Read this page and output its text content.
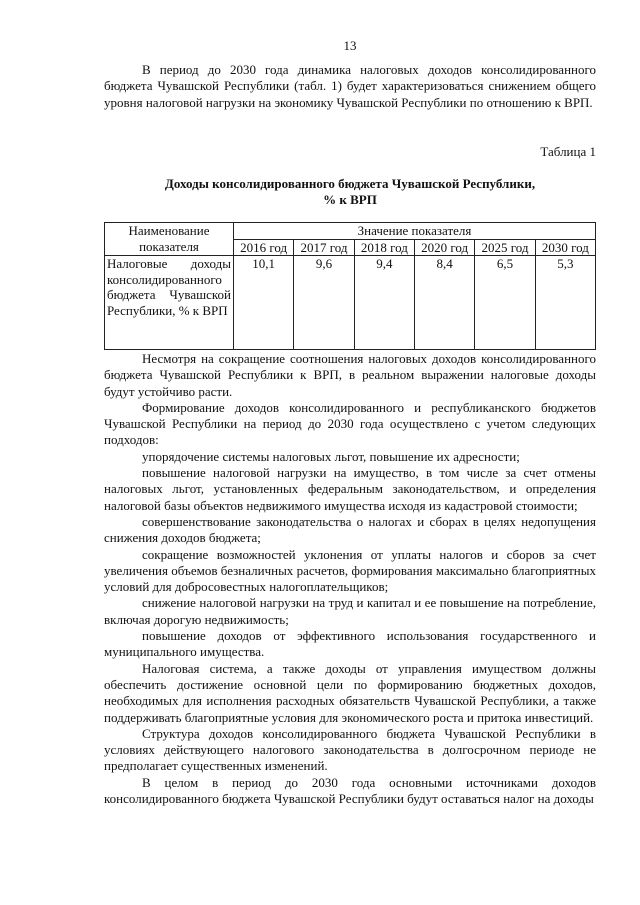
13

В период до 2030 года динамика налоговых доходов консолидированного бюджета Чувашской Республики (табл. 1) будет характеризоваться снижением общего уровня налоговой нагрузки на экономику Чувашской Республики по отношению к ВРП.

Таблица 1
Доходы консолидированного бюджета Чувашской Республики,
% к ВРП
Наименование показателя	Значение показателя					
	2016 год	2017 год	2018 год	2020 год	2025 год	2030 год
Налоговые доходы консолидированного бюджета Чувашской Республики, % к ВРП	10,1	9,6	9,4	8,4	6,5	5,3

Несмотря на сокращение соотношения налоговых доходов консолидированного бюджета Чувашской Республики к ВРП, в реальном выражении налоговые доходы будут устойчиво расти.

Формирование доходов консолидированного и республиканского бюджетов Чувашской Республики на период до 2030 года осуществлено с учетом следующих подходов:

упорядочение системы налоговых льгот, повышение их адресности;

повышение налоговой нагрузки на имущество, в том числе за счет отмены налоговых льгот, установленных федеральным законодательством, и определения налоговой базы объектов недвижимого имущества исходя из кадастровой стоимости;

совершенствование законодательства о налогах и сборах в целях недопущения снижения доходов бюджета;

сокращение возможностей уклонения от уплаты налогов и сборов за счет увеличения объемов безналичных расчетов, формирования максимально благоприятных условий для добросовестных налогоплательщиков;

снижение налоговой нагрузки на труд и капитал и ее повышение на потребление, включая дорогую недвижимость;

повышение доходов от эффективного использования государственного и муниципального имущества.

Налоговая система, а также доходы от управления имуществом должны обеспечить достижение основной цели по формированию бюджетных доходов, необходимых для исполнения расходных обязательств Чувашской Республики, а также поддерживать благоприятные условия для экономического роста и притока инвестиций.

Структура доходов консолидированного бюджета Чувашской Республики в условиях действующего налогового законодательства в долгосрочном периоде не предполагает существенных изменений.

В целом в период до 2030 года основными источниками доходов консолидированного бюджета Чувашской Республики будут оставаться налог на доходы
